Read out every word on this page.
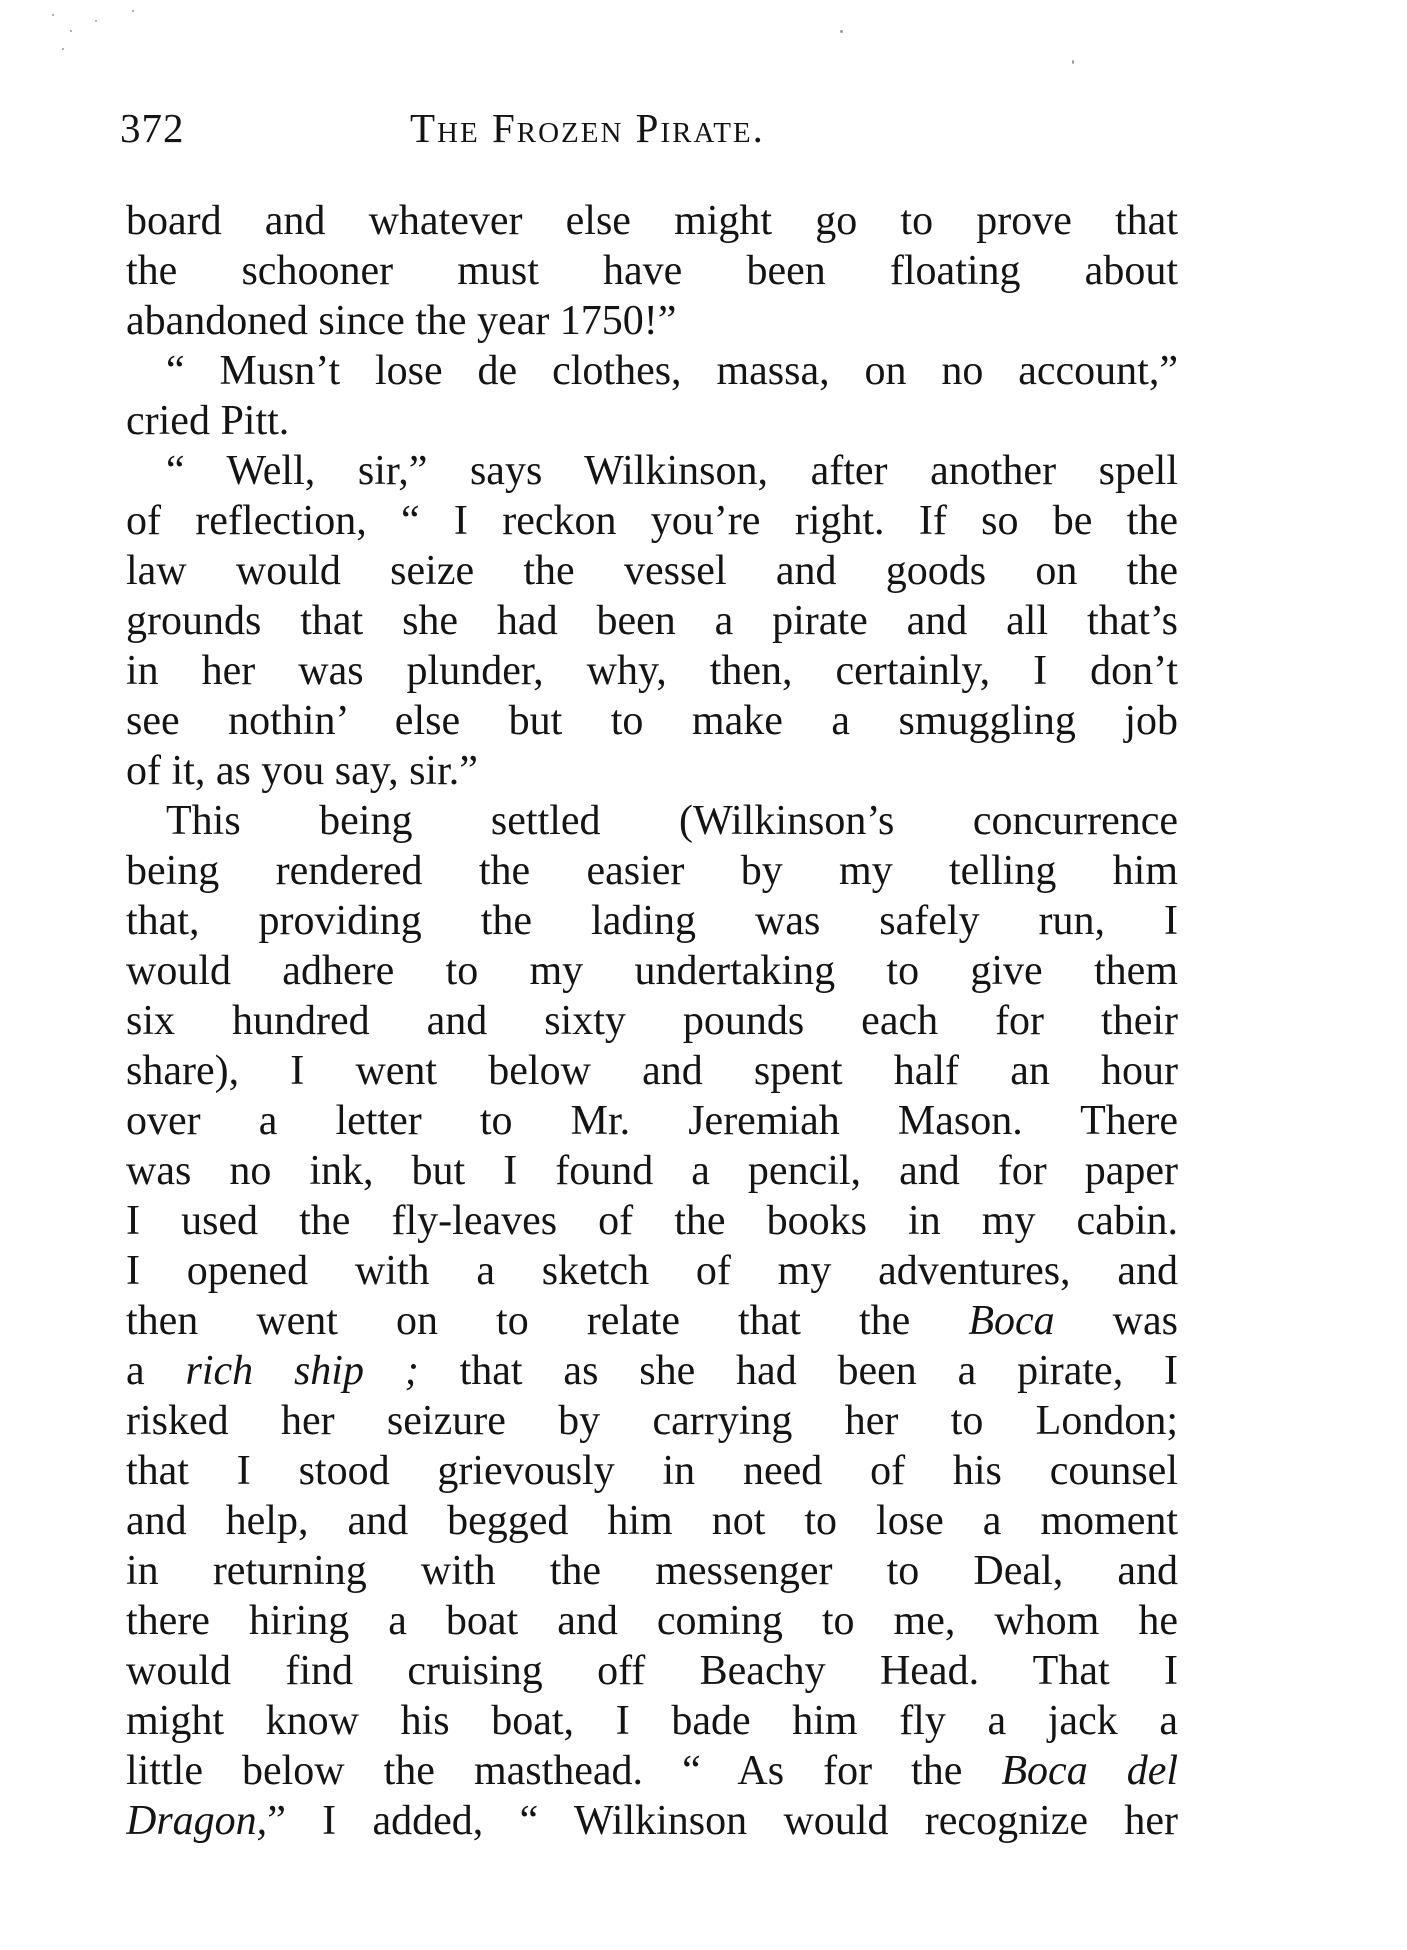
372	The Frozen Pirate.
board and whatever else might go to prove that
the schooner must have been floating about
abandoned since the year 1750!”
“ Musn’t lose de clothes, massa, on no account,”
cried Pitt.
“ Well, sir,” says Wilkinson, after another spell
of reflection, “ I reckon you’re right. If so be the
law would seize the vessel and goods on the
grounds that she had been a pirate and all that’s
in her was plunder, why, then, certainly, I don’t
see nothin’ else but to make a smuggling job
of it, as you say, sir.”
This being settled (Wilkinson’s concurrence
being rendered the easier by my telling him
that, providing the lading was safely run, I
would adhere to my undertaking to give them
six hundred and sixty pounds each for their
share), I went below and spent half an hour
over a letter to Mr. Jeremiah Mason. There
was no ink, but I found a pencil, and for paper
I used the fly-leaves of the books in my cabin.
I opened with a sketch of my adventures, and
then went on to relate that the Boca was
a rich ship ; that as she had been a pirate, I
risked her seizure by carrying her to London;
that I stood grievously in need of his counsel
and help, and begged him not to lose a moment
in returning with the messenger to Deal, and
there hiring a boat and coming to me, whom he
would find cruising off Beachy Head. That I
might know his boat, I bade him fly a jack a
little below the masthead. “ As for the Boca del
Dragon,” I added, “ Wilkinson would recognize her
